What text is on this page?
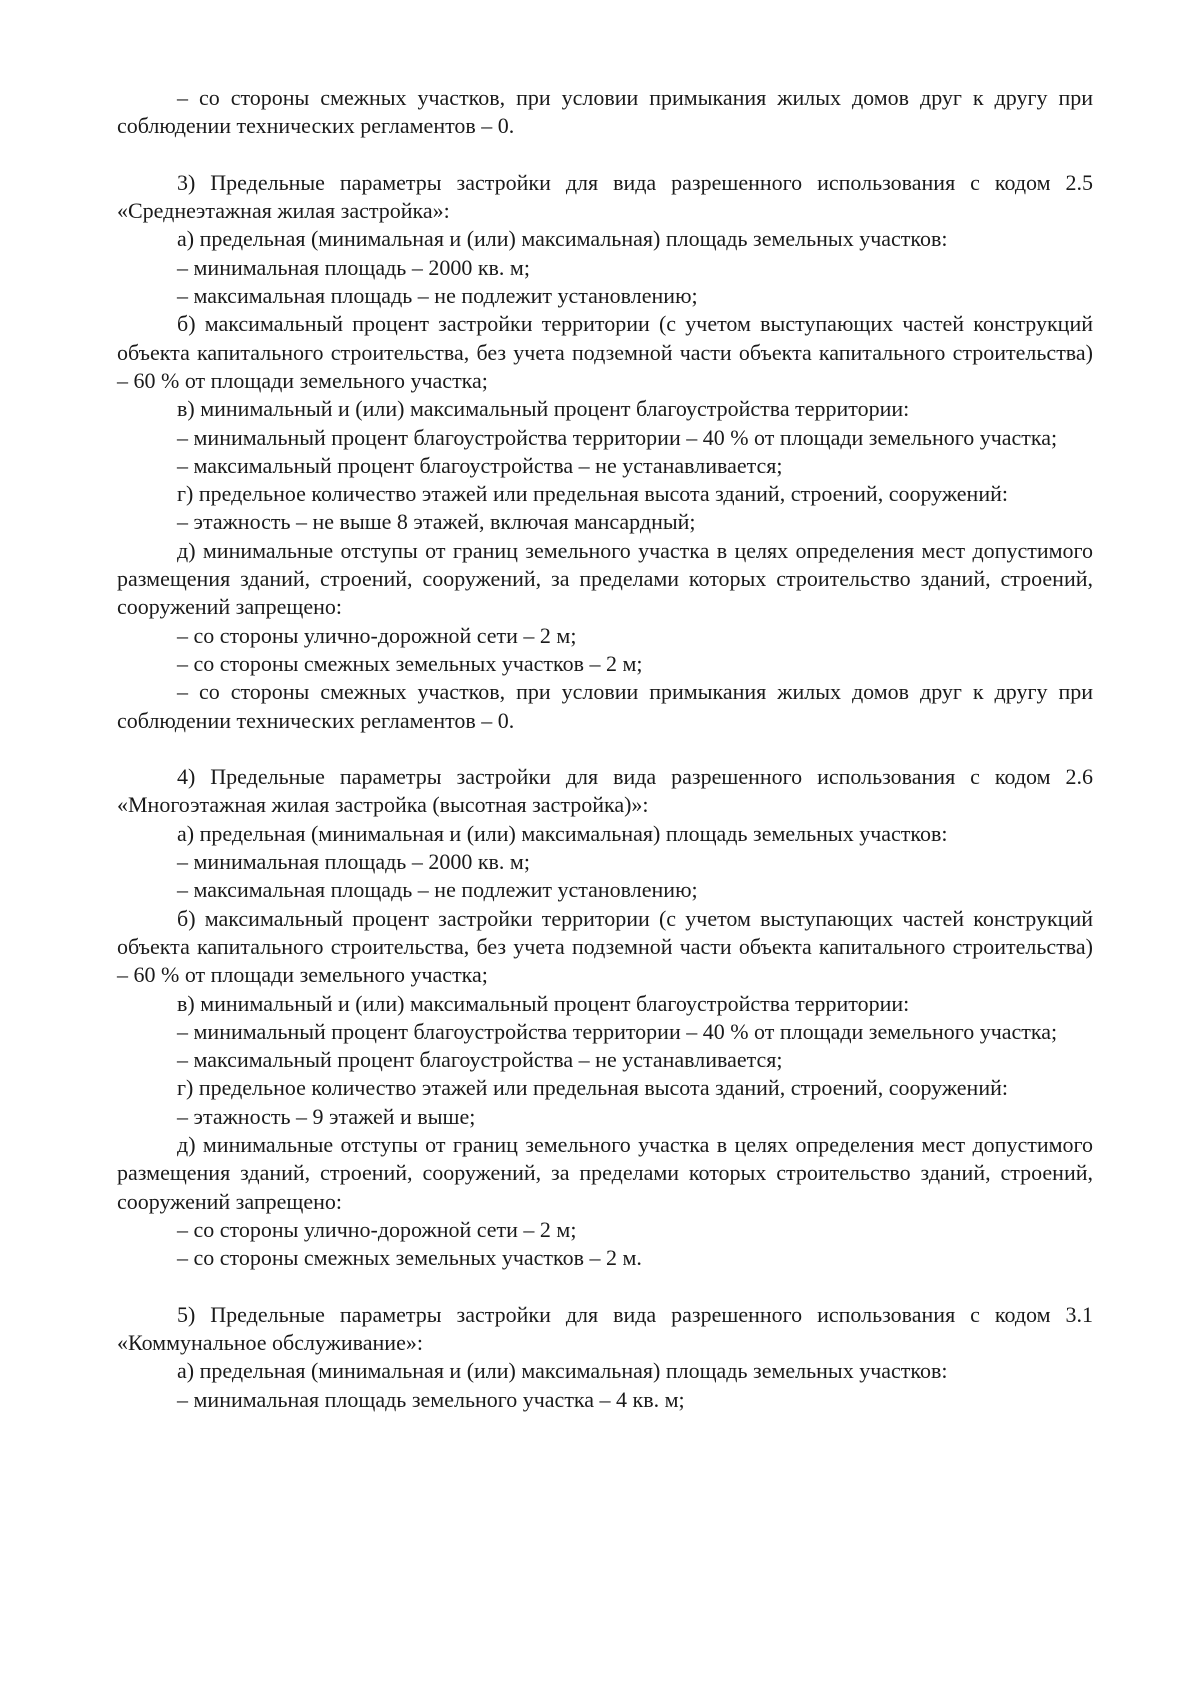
– со стороны смежных участков, при условии примыкания жилых домов друг к другу при соблюдении технических регламентов – 0.

3) Предельные параметры застройки для вида разрешенного использования с кодом 2.5 «Среднеэтажная жилая застройка»:

а) предельная (минимальная и (или) максимальная) площадь земельных участков:

– минимальная площадь – 2000 кв. м;

– максимальная площадь – не подлежит установлению;

б) максимальный процент застройки территории (с учетом выступающих частей конструкций объекта капитального строительства, без учета подземной части объекта капитального строительства) – 60 % от площади земельного участка;

в) минимальный и (или) максимальный процент благоустройства территории:

– минимальный процент благоустройства территории – 40 % от площади земельного участка;

– максимальный процент благоустройства – не устанавливается;

г) предельное количество этажей или предельная высота зданий, строений, сооружений:

– этажность – не выше 8 этажей, включая мансардный;

д) минимальные отступы от границ земельного участка в целях определения мест допустимого размещения зданий, строений, сооружений, за пределами которых строительство зданий, строений, сооружений запрещено:

– со стороны улично-дорожной сети – 2 м;

– со стороны смежных земельных участков – 2 м;

– со стороны смежных участков, при условии примыкания жилых домов друг к другу при соблюдении технических регламентов – 0.

4) Предельные параметры застройки для вида разрешенного использования с кодом 2.6 «Многоэтажная жилая застройка (высотная застройка)»:

а) предельная (минимальная и (или) максимальная) площадь земельных участков:

– минимальная площадь – 2000 кв. м;

– максимальная площадь – не подлежит установлению;

б) максимальный процент застройки территории (с учетом выступающих частей конструкций объекта капитального строительства, без учета подземной части объекта капитального строительства) – 60 % от площади земельного участка;

в) минимальный и (или) максимальный процент благоустройства территории:

– минимальный процент благоустройства территории – 40 % от площади земельного участка;

– максимальный процент благоустройства – не устанавливается;

г) предельное количество этажей или предельная высота зданий, строений, сооружений:

– этажность – 9 этажей и выше;

д) минимальные отступы от границ земельного участка в целях определения мест допустимого размещения зданий, строений, сооружений, за пределами которых строительство зданий, строений, сооружений запрещено:

– со стороны улично-дорожной сети – 2 м;

– со стороны смежных земельных участков – 2 м.

5) Предельные параметры застройки для вида разрешенного использования с кодом 3.1 «Коммунальное обслуживание»:

а) предельная (минимальная и (или) максимальная) площадь земельных участков:

– минимальная площадь земельного участка – 4 кв. м;
